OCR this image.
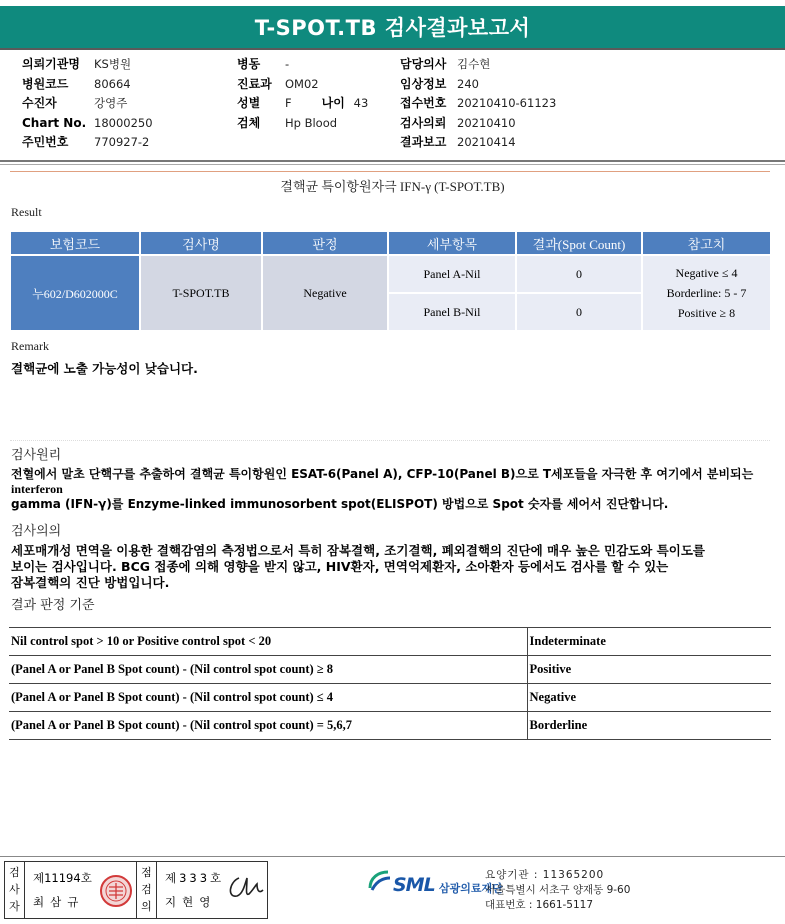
T-SPOT.TB 검사결과보고서
의뢰기관명 KS병원
병원코드 80664
수진자	강영주
Chart No. 18000250
주민번호 770927-2
병동 -
진료과 OM02
성별 F	나이 43
검체 Hp Blood
담당의사 김수현
임상정보 240
접수번호 20210410-61123
검사의뢰 20210410
결과보고 20210414
결핵균 특이항원자극 IFN-γ (T-SPOT.TB)
Result
보험코드	검사명	판정	세부항목	결과(Spot Count)	참고치
누602/D602000C	T-SPOT.TB	Negative	Panel A-Nil	0	Negative ≤ 4
Borderline: 5 - 7
Positive ≥ 8

			Panel B-Nil	0	
Remark
결핵균에 노출 가능성이 낮습니다.
검사원리
전혈에서 말초 단핵구를 추출하여 결핵균 특이항원인 ESAT-6(Panel A), CFP-10(Panel B)으로 T세포들을 자극한 후 여기에서 분비되는
interferon
gamma (IFN-γ)를 Enzyme-linked immunosorbent spot(ELISPOT) 방법으로 Spot 숫자를 세어서 진단합니다.
검사의의
세포매개성 면역을 이용한 결핵감염의 측정법으로서 특히 잠복결핵, 조기결핵, 폐외결핵의 진단에 매우 높은 민감도와 특이도를
보이는 검사입니다. BCG 접종에 의해 영향을 받지 않고, HIV환자, 면역억제환자, 소아환자 등에서도 검사를 할 수 있는
잠복결핵의 진단 방법입니다.
결과 판정 기준
Nil control spot > 10 or Positive control spot < 20	Indeterminate
(Panel A or Panel B Spot count) - (Nil control spot count) ≥ 8	Positive
(Panel A or Panel B Spot count) - (Nil control spot count) ≤ 4	Negative
(Panel A or Panel B Spot count) - (Nil control spot count) = 5,6,7	Borderline
검사자
제11194호
최삼규
점검의
제333호
지현영
SML 삼광의료재단
요양기관 : 11365200
서울특별시 서초구 양재동 9-60
대표번호 : 1661-5117
